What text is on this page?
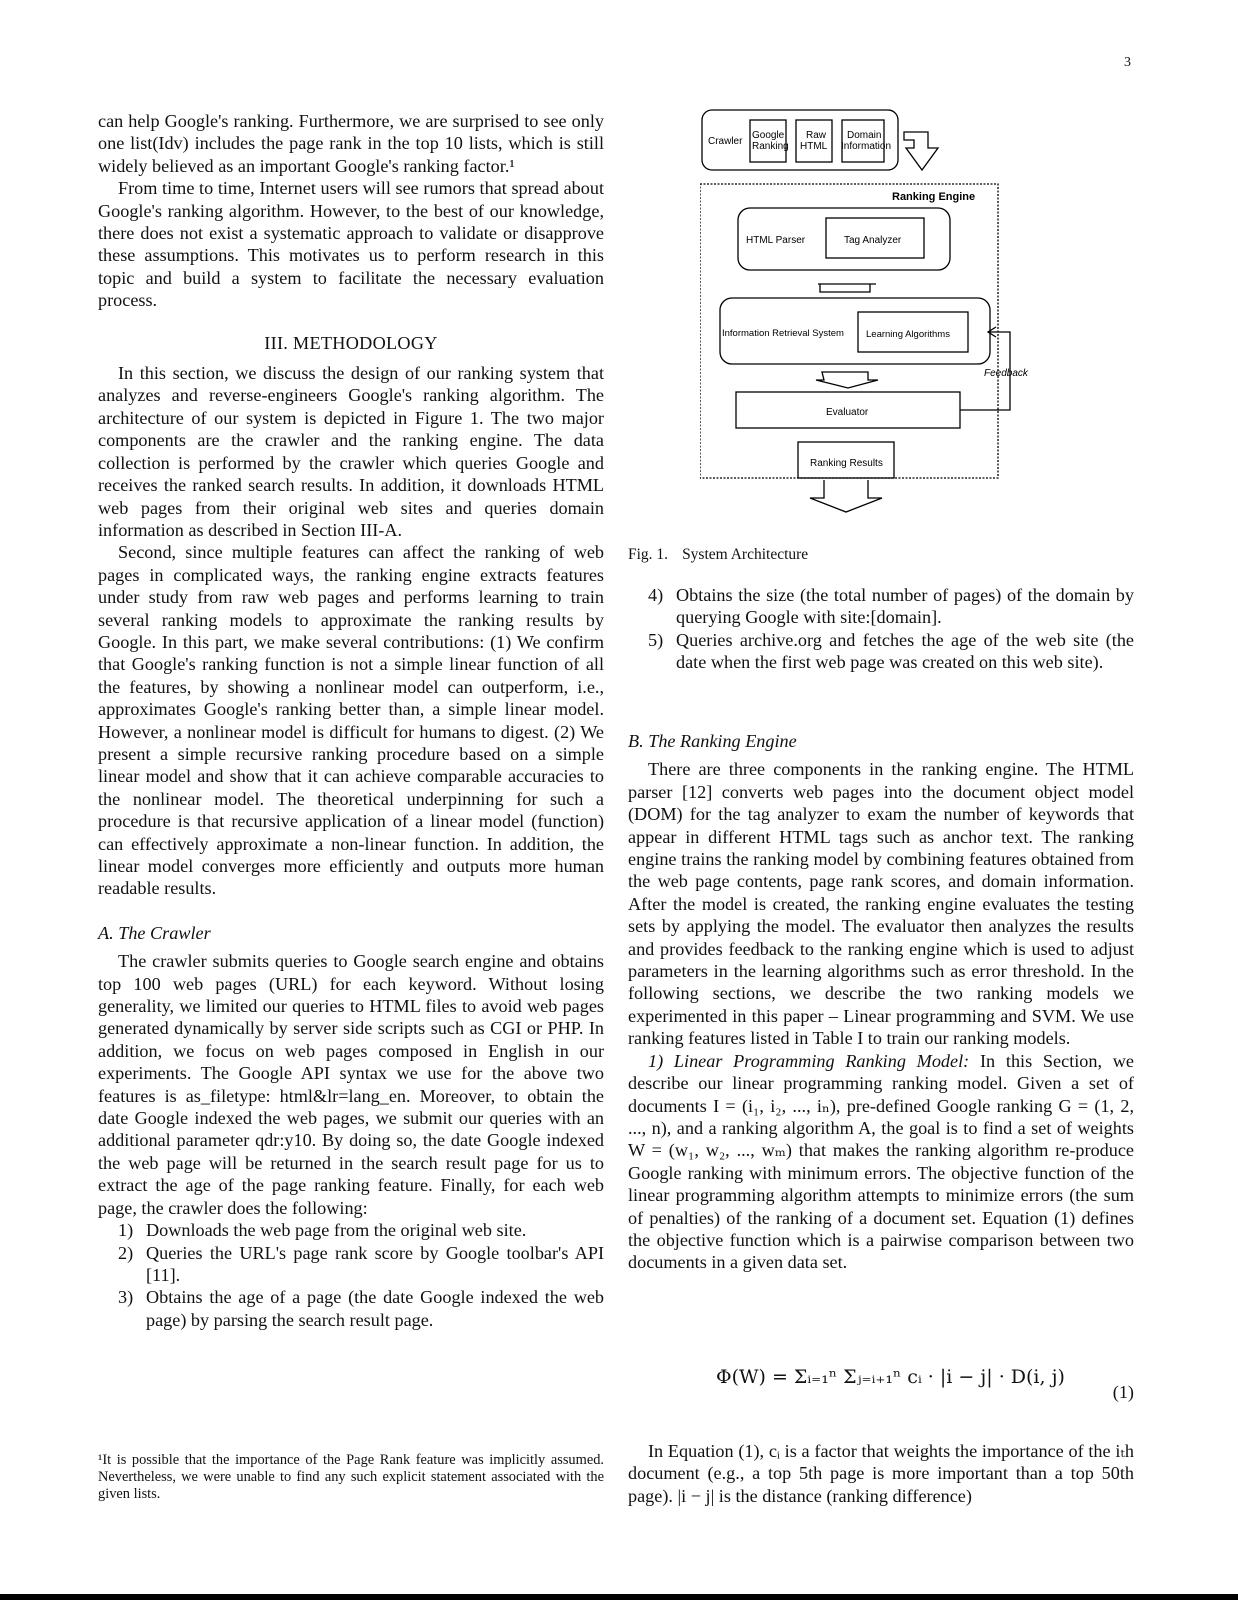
3

can help Google's ranking. Furthermore, we are surprised to see only one list(Idv) includes the page rank in the top 10 lists, which is still widely believed as an important Google's ranking factor.¹

From time to time, Internet users will see rumors that spread about Google's ranking algorithm. However, to the best of our knowledge, there does not exist a systematic approach to validate or disapprove these assumptions. This motivates us to perform research in this topic and build a system to facilitate the necessary evaluation process.

III. METHODOLOGY

In this section, we discuss the design of our ranking system that analyzes and reverse-engineers Google's ranking algorithm. The architecture of our system is depicted in Figure 1. The two major components are the crawler and the ranking engine. The data collection is performed by the crawler which queries Google and receives the ranked search results. In addition, it downloads HTML web pages from their original web sites and queries domain information as described in Section III-A.

Second, since multiple features can affect the ranking of web pages in complicated ways, the ranking engine extracts features under study from raw web pages and performs learning to train several ranking models to approximate the ranking results by Google. In this part, we make several contributions: (1) We confirm that Google's ranking function is not a simple linear function of all the features, by showing a nonlinear model can outperform, i.e., approximates Google's ranking better than, a simple linear model. However, a nonlinear model is difficult for humans to digest. (2) We present a simple recursive ranking procedure based on a simple linear model and show that it can achieve comparable accuracies to the nonlinear model. The theoretical underpinning for such a procedure is that recursive application of a linear model (function) can effectively approximate a non-linear function. In addition, the linear model converges more efficiently and outputs more human readable results.

A. The Crawler

The crawler submits queries to Google search engine and obtains top 100 web pages (URL) for each keyword. Without losing generality, we limited our queries to HTML files to avoid web pages generated dynamically by server side scripts such as CGI or PHP. In addition, we focus on web pages composed in English in our experiments. The Google API syntax we use for the above two features is as_filetype: html&lr=lang_en. Moreover, to obtain the date Google indexed the web pages, we submit our queries with an additional parameter qdr:y10. By doing so, the date Google indexed the web page will be returned in the search result page for us to extract the age of the page ranking feature. Finally, for each web page, the crawler does the following:

1) Downloads the web page from the original web site.
2) Queries the URL's page rank score by Google toolbar's API [11].
3) Obtains the age of a page (the date Google indexed the web page) by parsing the search result page.
¹It is possible that the importance of the Page Rank feature was implicitly assumed. Nevertheless, we were unable to find any such explicit statement associated with the given lists.
Crawler
Google
Ranking
Raw
HTML
Domain
Information
Ranking Engine
HTML Parser	Tag Analyzer
Information Retrieval System Learning Algorithms
Feedback
Evaluator
Ranking Results
Fig. 1. System Architecture
4) Obtains the size (the total number of pages) of the domain by querying Google with site:[domain].
5) Queries archive.org and fetches the age of the web site (the date when the first web page was created on this web site).
B. The Ranking Engine

There are three components in the ranking engine. The HTML parser [12] converts web pages into the document object model (DOM) for the tag analyzer to exam the number of keywords that appear in different HTML tags such as anchor text. The ranking engine trains the ranking model by combining features obtained from the web page contents, page rank scores, and domain information. After the model is created, the ranking engine evaluates the testing sets by applying the model. The evaluator then analyzes the results and provides feedback to the ranking engine which is used to adjust parameters in the learning algorithms such as error threshold. In the following sections, we describe the two ranking models we experimented in this paper – Linear programming and SVM. We use ranking features listed in Table I to train our ranking models.

1) Linear Programming Ranking Model: In this Section, we describe our linear programming ranking model. Given a set of documents I = (i₁, i₂, ..., iₙ), pre-defined Google ranking G = (1, 2, ..., n), and a ranking algorithm A, the goal is to find a set of weights W = (w₁, w₂, ..., wₘ) that makes the ranking algorithm re-produce Google ranking with minimum errors. The objective function of the linear programming algorithm attempts to minimize errors (the sum of penalties) of the ranking of a document set. Equation (1) defines the objective function which is a pairwise comparison between two documents in a given data set.

Φ(W) = Σᵢ₌₁ⁿ Σⱼ₌ᵢ₊₁ⁿ cᵢ · |i − j| · D(i, j)
(1)

In Equation (1), cᵢ is a factor that weights the importance of the iₜh document (e.g., a top 5th page is more important than a top 50th page). |i − j| is the distance (ranking difference)
